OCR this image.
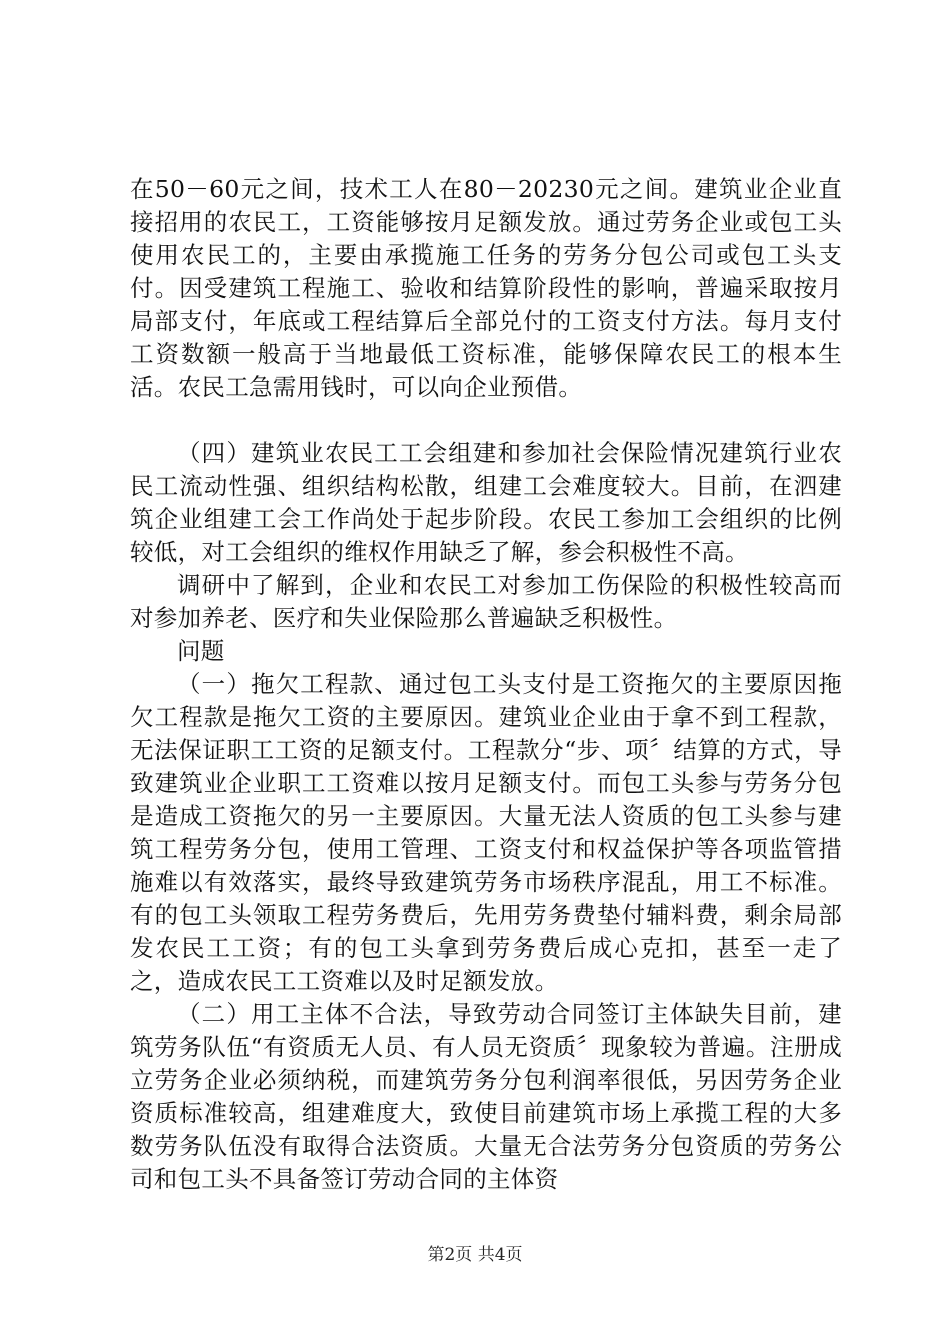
在50－60元之间，技术工人在80－20230元之间。建筑业企业直接招用的农民工，工资能够按月足额发放。通过劳务企业或包工头使用农民工的，主要由承揽施工任务的劳务分包公司或包工头支付。因受建筑工程施工、验收和结算阶段性的影响，普遍采取按月局部支付，年底或工程结算后全部兑付的工资支付方法。每月支付工资数额一般高于当地最低工资标准，能够保障农民工的根本生活。农民工急需用钱时，可以向企业预借。

（四）建筑业农民工工会组建和参加社会保险情况建筑行业农民工流动性强、组织结构松散，组建工会难度较大。目前，在泗建筑企业组建工会工作尚处于起步阶段。农民工参加工会组织的比例较低，对工会组织的维权作用缺乏了解，参会积极性不高。

调研中了解到，企业和农民工对参加工伤保险的积极性较高而对参加养老、医疗和失业保险那么普遍缺乏积极性。

问题

（一）拖欠工程款、通过包工头支付是工资拖欠的主要原因拖欠工程款是拖欠工资的主要原因。建筑业企业由于拿不到工程款，无法保证职工工资的足额支付。工程款分“步、项〞结算的方式，导致建筑业企业职工工资难以按月足额支付。而包工头参与劳务分包是造成工资拖欠的另一主要原因。大量无法人资质的包工头参与建筑工程劳务分包，使用工管理、工资支付和权益保护等各项监管措施难以有效落实，最终导致建筑劳务市场秩序混乱，用工不标准。有的包工头领取工程劳务费后，先用劳务费垫付辅料费，剩余局部发农民工工资；有的包工头拿到劳务费后成心克扣，甚至一走了之，造成农民工工资难以及时足额发放。

（二）用工主体不合法，导致劳动合同签订主体缺失目前，建筑劳务队伍“有资质无人员、有人员无资质〞现象较为普遍。注册成立劳务企业必须纳税，而建筑劳务分包利润率很低，另因劳务企业资质标准较高，组建难度大，致使目前建筑市场上承揽工程的大多数劳务队伍没有取得合法资质。大量无合法劳务分包资质的劳务公司和包工头不具备签订劳动合同的主体资

第2页 共4页
